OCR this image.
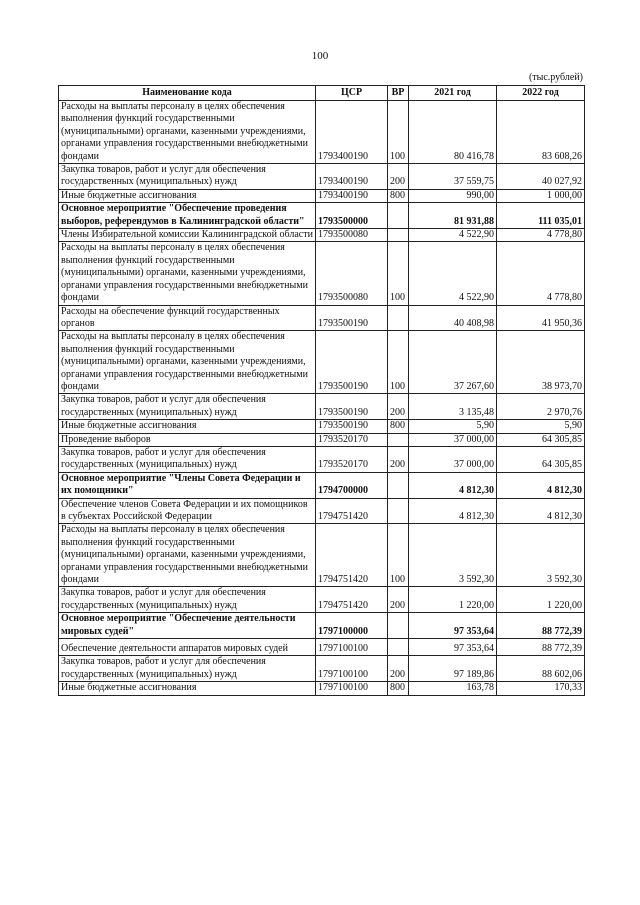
100
(тыс.рублей)
Наименование кода	ЦСР	ВР	2021 год	2022 год
Расходы на выплаты персоналу в целях обеспечения выполнения функций государственными (муниципальными) органами, казенными учреждениями, органами управления государственными внебюджетными фондами	1793400190	100	80 416,78	83 608,26
Закупка товаров, работ и услуг для обеспечения государственных (муниципальных) нужд	1793400190	200	37 559,75	40 027,92
Иные бюджетные ассигнования	1793400190	800	990,00	1 000,00
Основное мероприятие "Обеспечение проведения выборов, референдумов в Калининградской области"	1793500000		81 931,88	111 035,01
Члены Избирательной комиссии Калининградской области	1793500080		4 522,90	4 778,80
Расходы на выплаты персоналу в целях обеспечения выполнения функций государственными (муниципальными) органами, казенными учреждениями, органами управления государственными внебюджетными фондами	1793500080	100	4 522,90	4 778,80
Расходы на обеспечение функций государственных органов	1793500190		40 408,98	41 950,36
Расходы на выплаты персоналу в целях обеспечения выполнения функций государственными (муниципальными) органами, казенными учреждениями, органами управления государственными внебюджетными фондами	1793500190	100	37 267,60	38 973,70
Закупка товаров, работ и услуг для обеспечения государственных (муниципальных) нужд	1793500190	200	3 135,48	2 970,76
Иные бюджетные ассигнования	1793500190	800	5,90	5,90
Проведение выборов	1793520170		37 000,00	64 305,85
Закупка товаров, работ и услуг для обеспечения государственных (муниципальных) нужд	1793520170	200	37 000,00	64 305,85
Основное мероприятие "Члены Совета Федерации и их помощники"	1794700000		4 812,30	4 812,30
Обеспечение членов Совета Федерации и их помощников в субъектах Российской Федерации	1794751420		4 812,30	4 812,30
Расходы на выплаты персоналу в целях обеспечения выполнения функций государственными (муниципальными) органами, казенными учреждениями, органами управления государственными внебюджетными фондами	1794751420	100	3 592,30	3 592,30
Закупка товаров, работ и услуг для обеспечения государственных (муниципальных) нужд	1794751420	200	1 220,00	1 220,00
Основное мероприятие "Обеспечение деятельности мировых судей"	1797100000		97 353,64	88 772,39
Обеспечение деятельности аппаратов мировых судей	1797100100		97 353,64	88 772,39
Закупка товаров, работ и услуг для обеспечения государственных (муниципальных) нужд	1797100100	200	97 189,86	88 602,06
Иные бюджетные ассигнования	1797100100	800	163,78	170,33
